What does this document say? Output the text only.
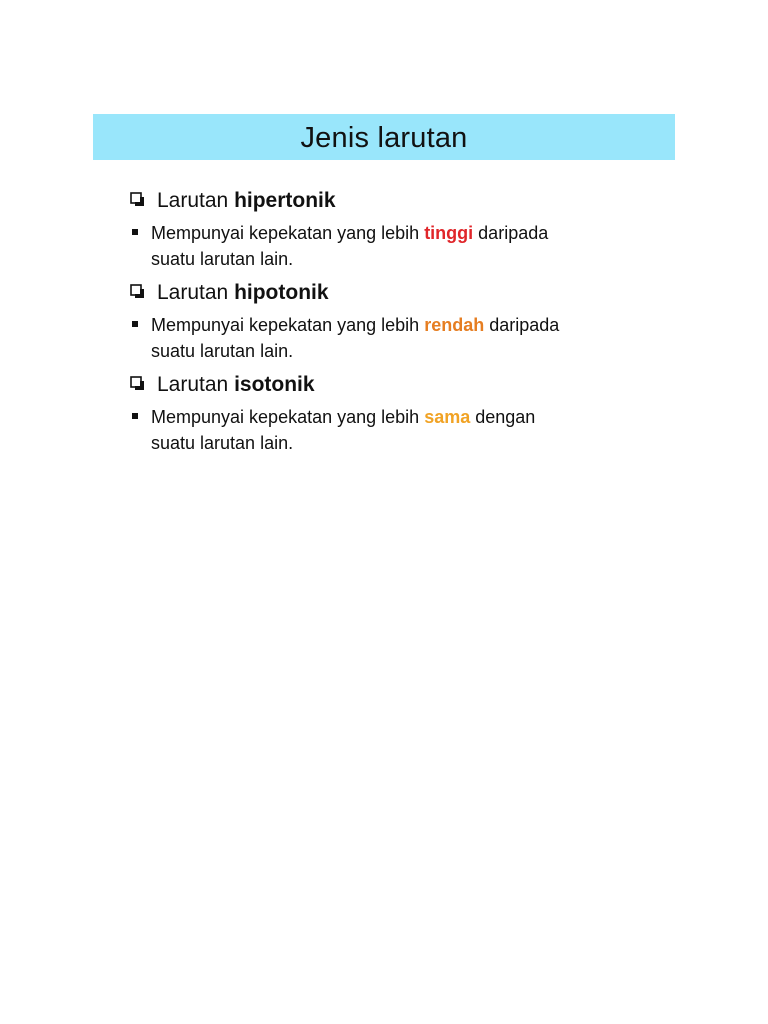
Jenis larutan
Larutan hipertonik
Mempunyai kepekatan yang lebih tinggi daripada
suatu larutan lain.
Larutan hipotonik
Mempunyai kepekatan yang lebih rendah daripada
suatu larutan lain.
Larutan isotonik
Mempunyai kepekatan yang lebih sama dengan
suatu larutan lain.
